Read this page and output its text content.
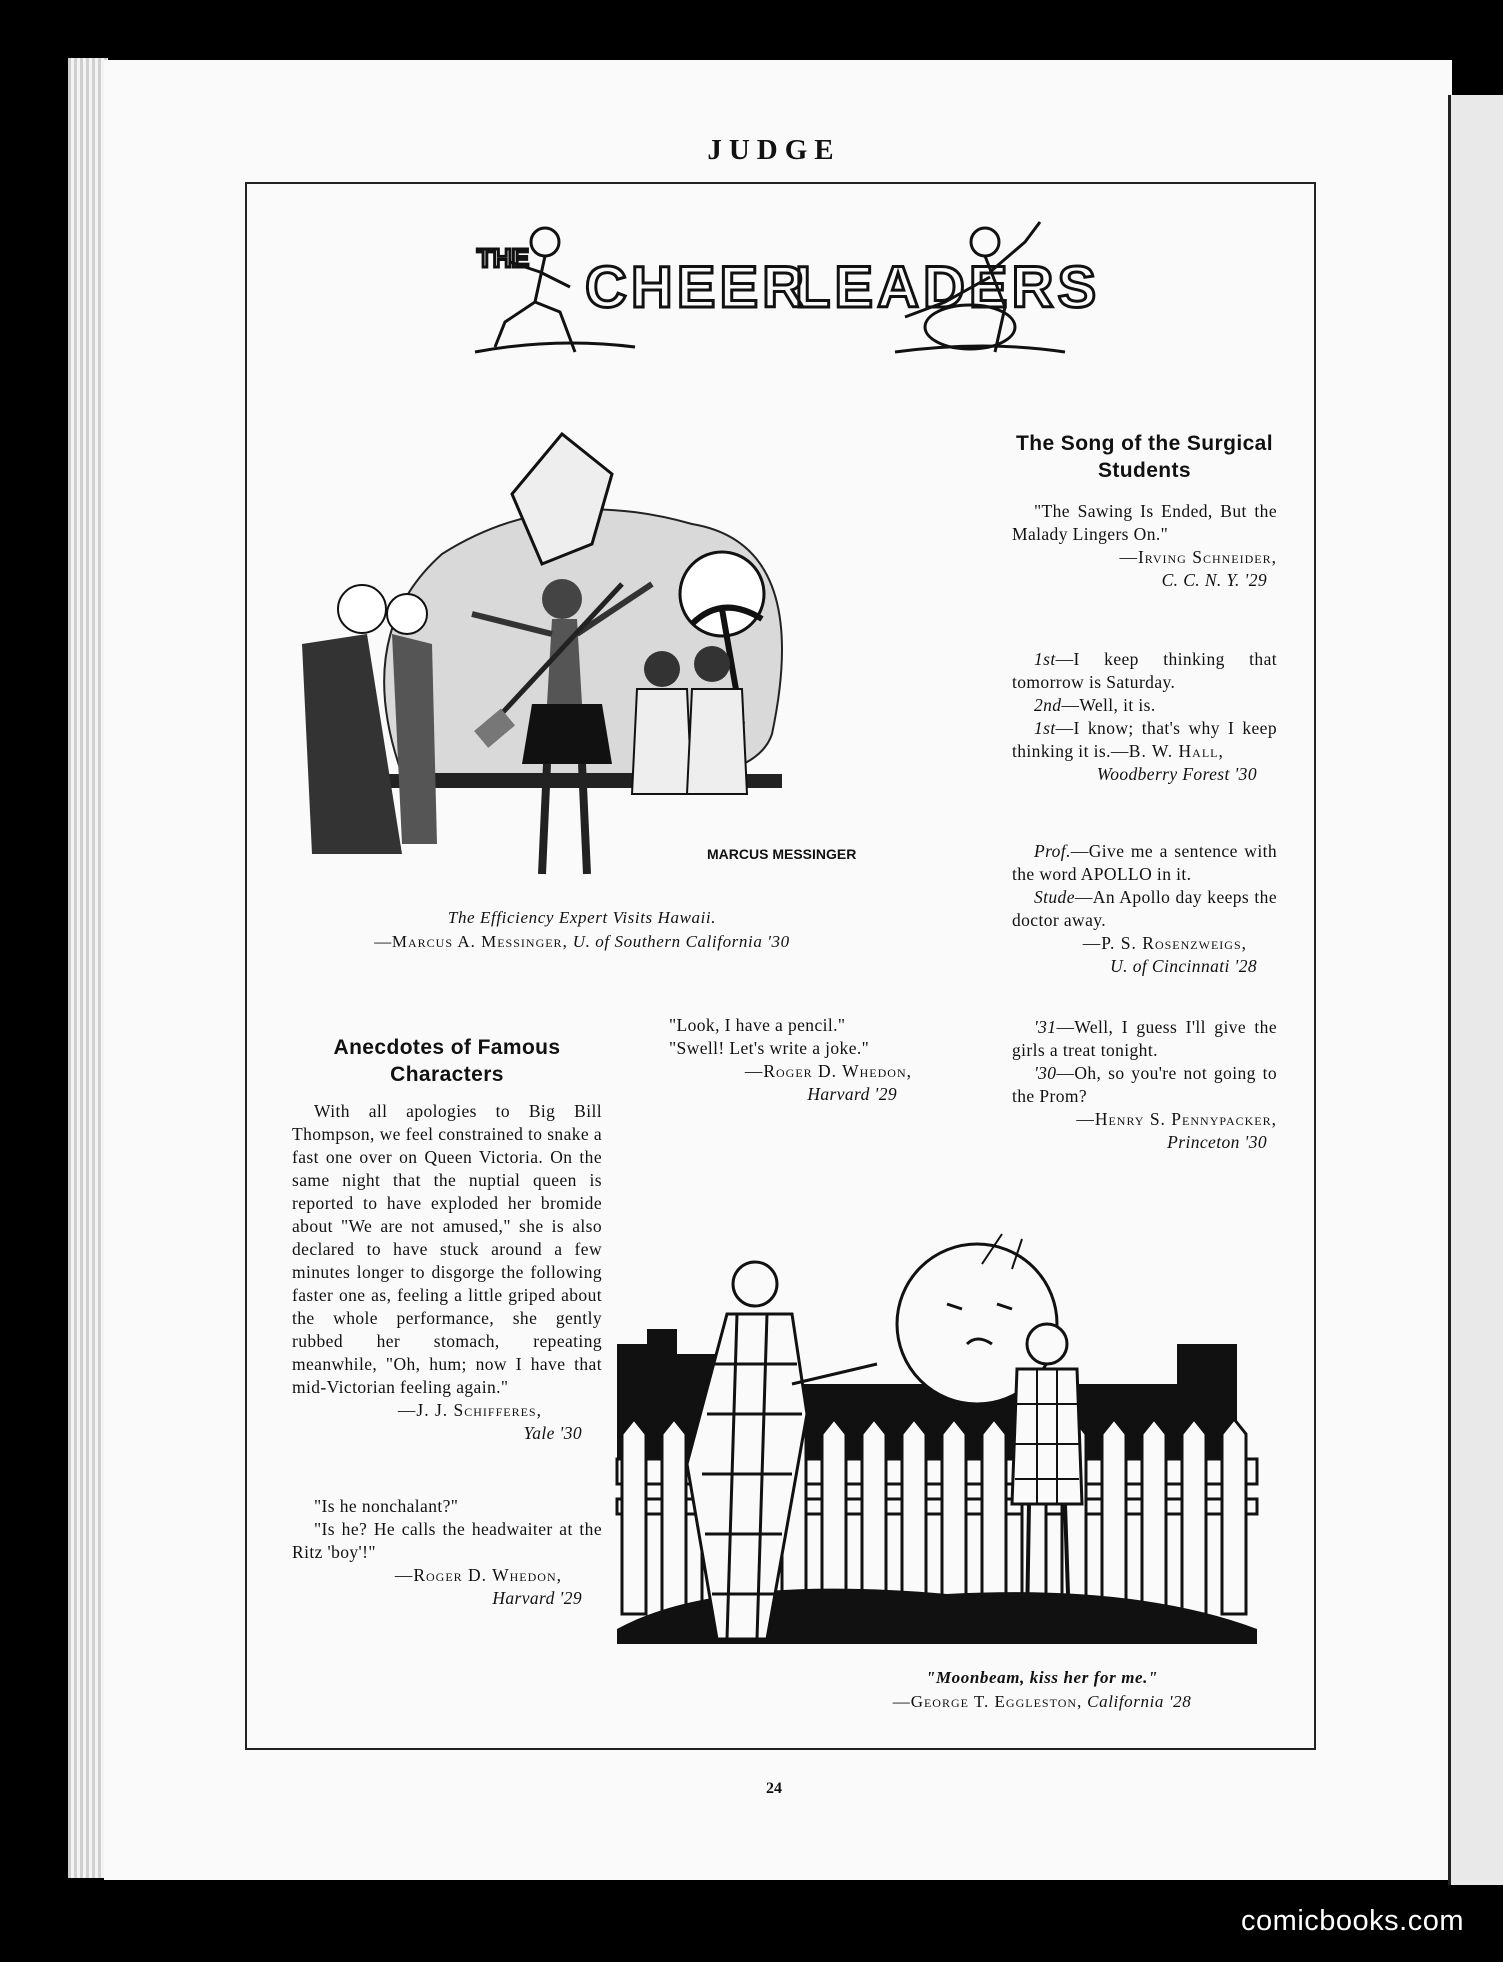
JUDGE
THE CHEER
LEADERS
MARCUS MESSINGER
The Efficiency Expert Visits Hawaii.
—Marcus A. Messinger, U. of Southern California '30
The Song of the Surgical Students

"The Sawing Is Ended, But the Malady Lingers On."

—Irving Schneider,

C. C. N. Y. '29

1st—I keep thinking that tomorrow is Saturday.

2nd—Well, it is.

1st—I know; that's why I keep thinking it is.—B. W. Hall,

Woodberry Forest '30

Prof.—Give me a sentence with the word APOLLO in it.

Stude—An Apollo day keeps the doctor away.

—P. S. Rosenzweigs,

U. of Cincinnati '28

'31—Well, I guess I'll give the girls a treat tonight.

'30—Oh, so you're not going to the Prom?

—Henry S. Pennypacker,

Princeton '30

Anecdotes of Famous Characters

With all apologies to Big Bill Thompson, we feel constrained to snake a fast one over on Queen Victoria. On the same night that the nuptial queen is reported to have exploded her bromide about "We are not amused," she is also declared to have stuck around a few minutes longer to disgorge the following faster one as, feeling a little griped about the whole performance, she gently rubbed her stomach, repeating meanwhile, "Oh, hum; now I have that mid-Victorian feeling again."

—J. J. Schifferes,

Yale '30

"Is he nonchalant?"

"Is he? He calls the headwaiter at the Ritz 'boy'!"

—Roger D. Whedon,

Harvard '29

"Look, I have a pencil."

"Swell! Let's write a joke."

—Roger D. Whedon,

Harvard '29

"Moonbeam, kiss her for me."
—George T. Eggleston, California '28
24
comicbooks.com
